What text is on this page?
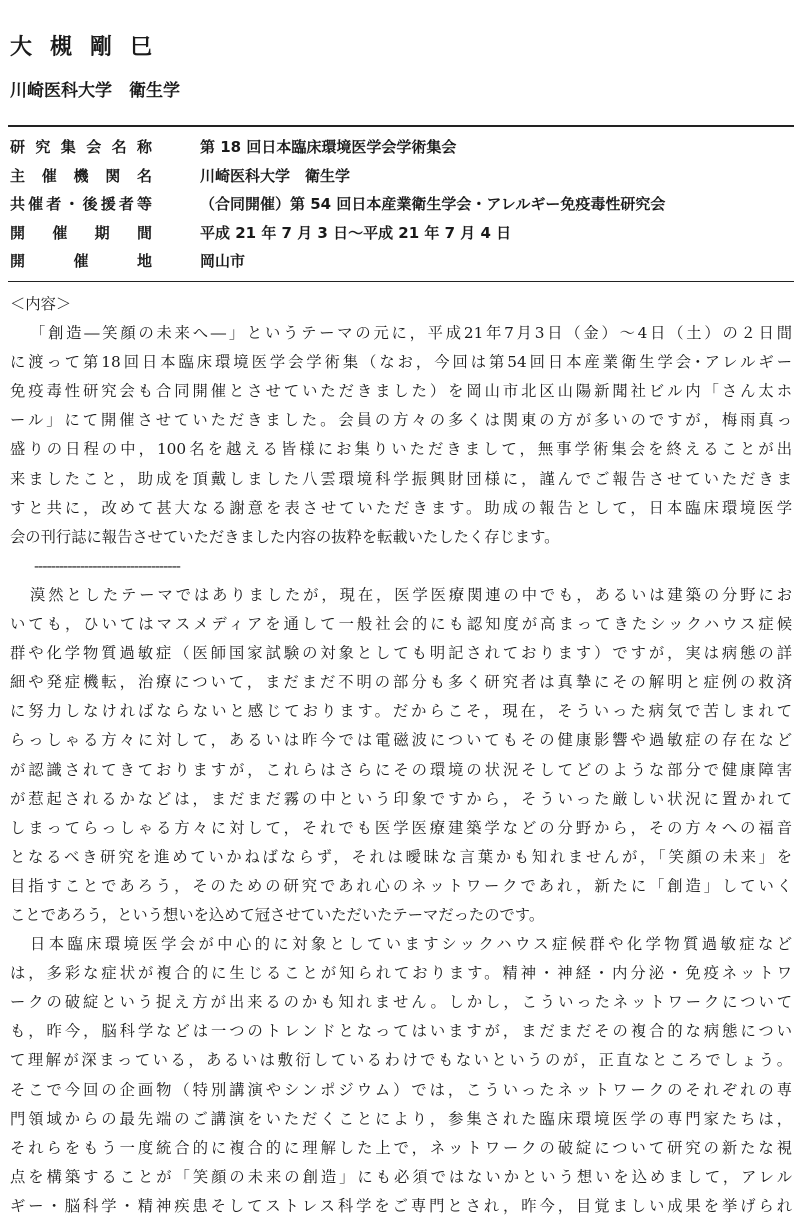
大槻剛巳
川崎医科大学　衛生学
研究集会名称	第 18 回日本臨床環境医学会学術集会
主催機関名	川崎医科大学　衛生学
共催者・後援者等	（合同開催）第 54 回日本産業衛生学会・アレルギー免疫毒性研究会
開催期間	平成 21 年 7 月 3 日～平成 21 年 7 月 4 日
開催地	岡山市
＜内容＞
「創造―笑顔の未来へ―」というテーマの元に，平成21年7月3日（金）～4日（土）の２日間
に渡って第18回日本臨床環境医学会学術集（なお，今回は第54回日本産業衛生学会･アレルギー
免疫毒性研究会も合同開催とさせていただきました）を岡山市北区山陽新聞社ビル内「さん太ホ
ール」にて開催させていただきました。会員の方々の多くは関東の方が多いのですが，梅雨真っ
盛りの日程の中，100名を越える皆様にお集りいただきまして，無事学術集会を終えることが出
来ましたこと，助成を頂戴しました八雲環境科学振興財団様に，謹んでご報告させていただきま
すと共に，改めて甚大なる謝意を表させていただきます。助成の報告として，日本臨床環境医学
会の刊行誌に報告させていただきました内容の抜粋を転載いたしたく存じます。
-----------------------------------
漠然としたテーマではありましたが，現在，医学医療関連の中でも，あるいは建築の分野にお
いても，ひいてはマスメディアを通して一般社会的にも認知度が高まってきたシックハウス症候
群や化学物質過敏症（医師国家試験の対象としても明記されております）ですが，実は病態の詳
細や発症機転，治療について，まだまだ不明の部分も多く研究者は真摯にその解明と症例の救済
に努力しなければならないと感じております。だからこそ，現在，そういった病気で苦しまれて
らっしゃる方々に対して，あるいは昨今では電磁波についてもその健康影響や過敏症の存在など
が認識されてきておりますが，これらはさらにその環境の状況そしてどのような部分で健康障害
が惹起されるかなどは，まだまだ霧の中という印象ですから，そういった厳しい状況に置かれて
しまってらっしゃる方々に対して，それでも医学医療建築学などの分野から，その方々への福音
となるべき研究を進めていかねばならず，それは曖昧な言葉かも知れませんが，「笑顔の未来」を
目指すことであろう，そのための研究であれ心のネットワークであれ，新たに「創造」していく
ことであろう，という想いを込めて冠させていただいたテーマだったのです。
日本臨床環境医学会が中心的に対象としていますシックハウス症候群や化学物質過敏症など
は，多彩な症状が複合的に生じることが知られております。精神・神経・内分泌・免疫ネットワ
ークの破綻という捉え方が出来るのかも知れません。しかし，こういったネットワークについて
も，昨今，脳科学などは一つのトレンドとなってはいますが，まだまだその複合的な病態につい
て理解が深まっている，あるいは敷衍しているわけでもないというのが，正直なところでしょう。
そこで今回の企画物（特別講演やシンポジウム）では，こういったネットワークのそれぞれの専
門領域からの最先端のご講演をいただくことにより，参集された臨床環境医学の専門家たちは，
それらをもう一度統合的に複合的に理解した上で，ネットワークの破綻について研究の新たな視
点を構築することが「笑顔の未来の創造」にも必須ではないかという想いを込めまして，アレル
ギー・脳科学・精神疾患そしてストレス科学をご専門とされ，昨今，目覚ましい成果を挙げられ
